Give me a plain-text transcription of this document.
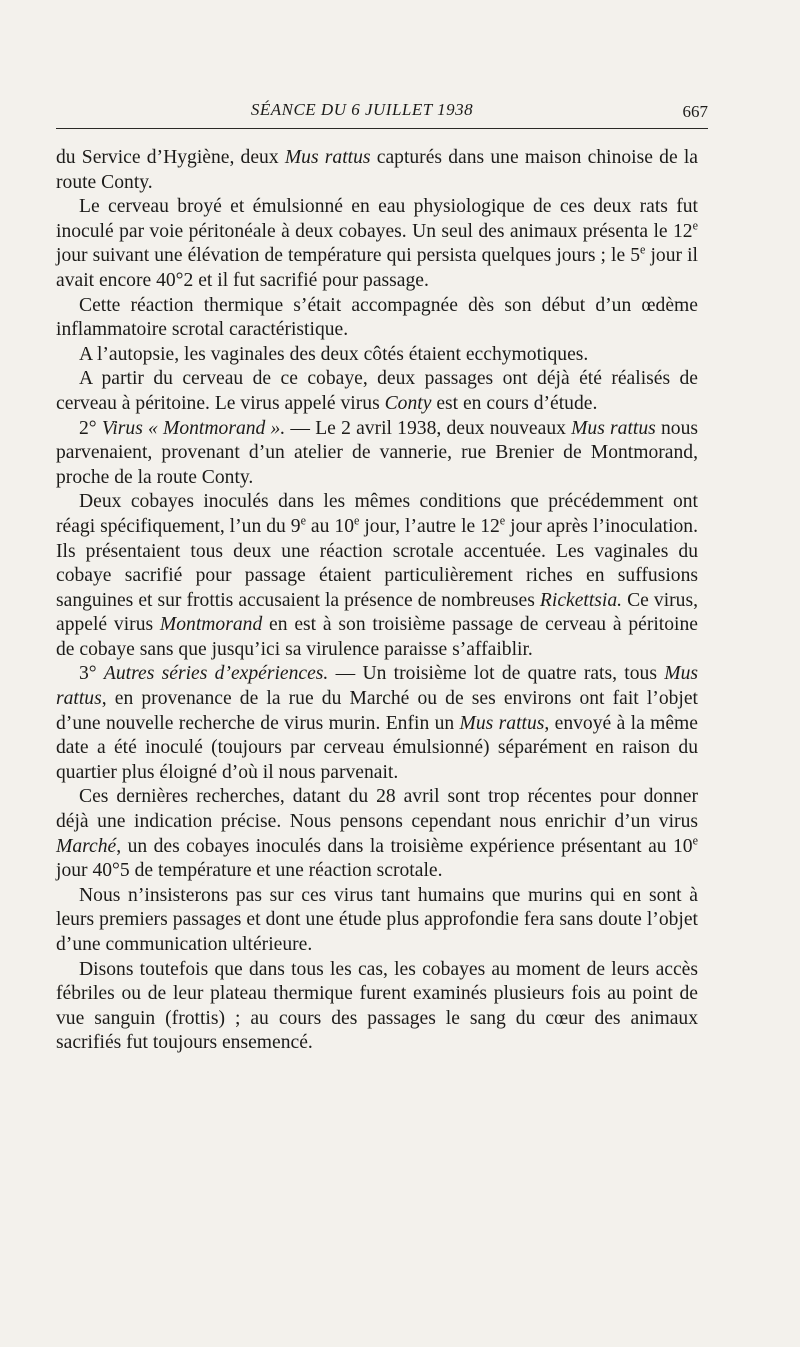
SÉANCE DU 6 JUILLET 1938	667

du Service d’Hygiène, deux Mus rattus capturés dans une maison chinoise de la route Conty.

Le cerveau broyé et émulsionné en eau physiologique de ces deux rats fut inoculé par voie péritonéale à deux cobayes. Un seul des animaux présenta le 12e jour suivant une élévation de température qui persista quelques jours ; le 5e jour il avait encore 40°2 et il fut sacrifié pour passage.

Cette réaction thermique s’était accompagnée dès son début d’un œdème inflammatoire scrotal caractéristique.

A l’autopsie, les vaginales des deux côtés étaient ecchymotiques.

A partir du cerveau de ce cobaye, deux passages ont déjà été réalisés de cerveau à péritoine. Le virus appelé virus Conty est en cours d’étude.

2° Virus « Montmorand ». — Le 2 avril 1938, deux nouveaux Mus rattus nous parvenaient, provenant d’un atelier de vannerie, rue Brenier de Montmorand, proche de la route Conty.

Deux cobayes inoculés dans les mêmes conditions que précédemment ont réagi spécifiquement, l’un du 9e au 10e jour, l’autre le 12e jour après l’inoculation. Ils présentaient tous deux une réaction scrotale accentuée. Les vaginales du cobaye sacrifié pour passage étaient particulièrement riches en suffusions sanguines et sur frottis accusaient la présence de nombreuses Rickettsia. Ce virus, appelé virus Montmorand en est à son troisième passage de cerveau à péritoine de cobaye sans que jusqu’ici sa virulence paraisse s’affaiblir.

3° Autres séries d’expériences. — Un troisième lot de quatre rats, tous Mus rattus, en provenance de la rue du Marché ou de ses environs ont fait l’objet d’une nouvelle recherche de virus murin. Enfin un Mus rattus, envoyé à la même date a été inoculé (toujours par cerveau émulsionné) séparément en raison du quartier plus éloigné d’où il nous parvenait.

Ces dernières recherches, datant du 28 avril sont trop récentes pour donner déjà une indication précise. Nous pensons cependant nous enrichir d’un virus Marché, un des cobayes inoculés dans la troisième expérience présentant au 10e jour 40°5 de température et une réaction scrotale.

Nous n’insisterons pas sur ces virus tant humains que murins qui en sont à leurs premiers passages et dont une étude plus approfondie fera sans doute l’objet d’une communication ultérieure.

Disons toutefois que dans tous les cas, les cobayes au moment de leurs accès fébriles ou de leur plateau thermique furent examinés plusieurs fois au point de vue sanguin (frottis) ; au cours des passages le sang du cœur des animaux sacrifiés fut toujours ensemencé.
